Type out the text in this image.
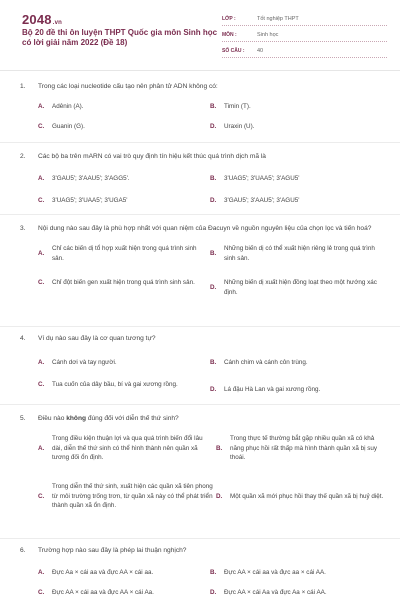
2048.vn
Bộ 20 đề thi ôn luyện THPT Quốc gia môn Sinh học có lời giải năm 2022 (Đề 18)
LỚP :	Tốt nghiệp THPT
MÔN :	Sinh học
SỐ CÂU :	40
1.	Trong các loại nucleotide cấu tạo nên phân tử ADN không có:
A.	Adênin (A).	B.	Timin (T).
C.	Guanin (G).	D.	Uraxin (U).
2.	Các bộ ba trên mARN có vai trò quy định tín hiệu kết thúc quá trình dịch mã là
A.	3'GAU5'; 3'AAU5'; 3'AGG5'.	B.	3'UAG5'; 3'UAA5'; 3'AGU5'
C.	3'UAG5'; 3'UAA5'; 3'UGA5'	D.	3'GAU5'; 3'AAU5'; 3'AGU5'
3.	Nội dung nào sau đây là phù hợp nhất với quan niệm của Đacuyn về nguồn nguyên liệu của chọn lọc và tiến hoá?
A.
Chỉ các biến dị tổ hợp xuất hiện trong quá trình sinh sản.
B.
Những biến dị có thể xuất hiện riêng lẻ trong quá trình sinh sản.
C.	Chỉ đột biến gen xuất hiện trong quá trình sinh sản.
D.
Những biến dị xuất hiện đồng loạt theo một hướng xác định.
4.	Ví dụ nào sau đây là cơ quan tương tự?
A.	Cánh dơi và tay người.	B.	Cánh chim và cánh côn trùng.
C.	Tua cuốn của dây bầu, bí và gai xương rồng.
D.	Lá đậu Hà Lan và gai xương rồng.
5.	Điều nào không đúng đối với diễn thế thứ sinh?
A.
Trong điều kiện thuận lợi và qua quá trình biến đổi lâu dài, diễn thế thứ sinh có thể hình thành nên quần xã tương đối ổn định.
B.
Trong thực tế thường bắt gặp nhiều quần xã có khả năng phục hồi rất thấp mà hình thành quần xã bị suy thoái.
C.
Trong diễn thế thứ sinh, xuất hiện các quần xã tiên phong từ môi trường trống trơn, từ quần xã này có thể phát triển thành quần xã ổn định.
D.	Một quần xã mới phục hồi thay thế quần xã bị huỷ diệt.
6.	Trường hợp nào sau đây là phép lai thuận nghịch?
A.	Đực Aa × cái aa và đực AA × cái aa.	B.	Đực AA × cái aa và đực aa × cái AA.
C.	Đực AA × cái aa và đực AA × cái Aa.	D.	Đực AA × cái Aa và đực Aa × cái AA.
